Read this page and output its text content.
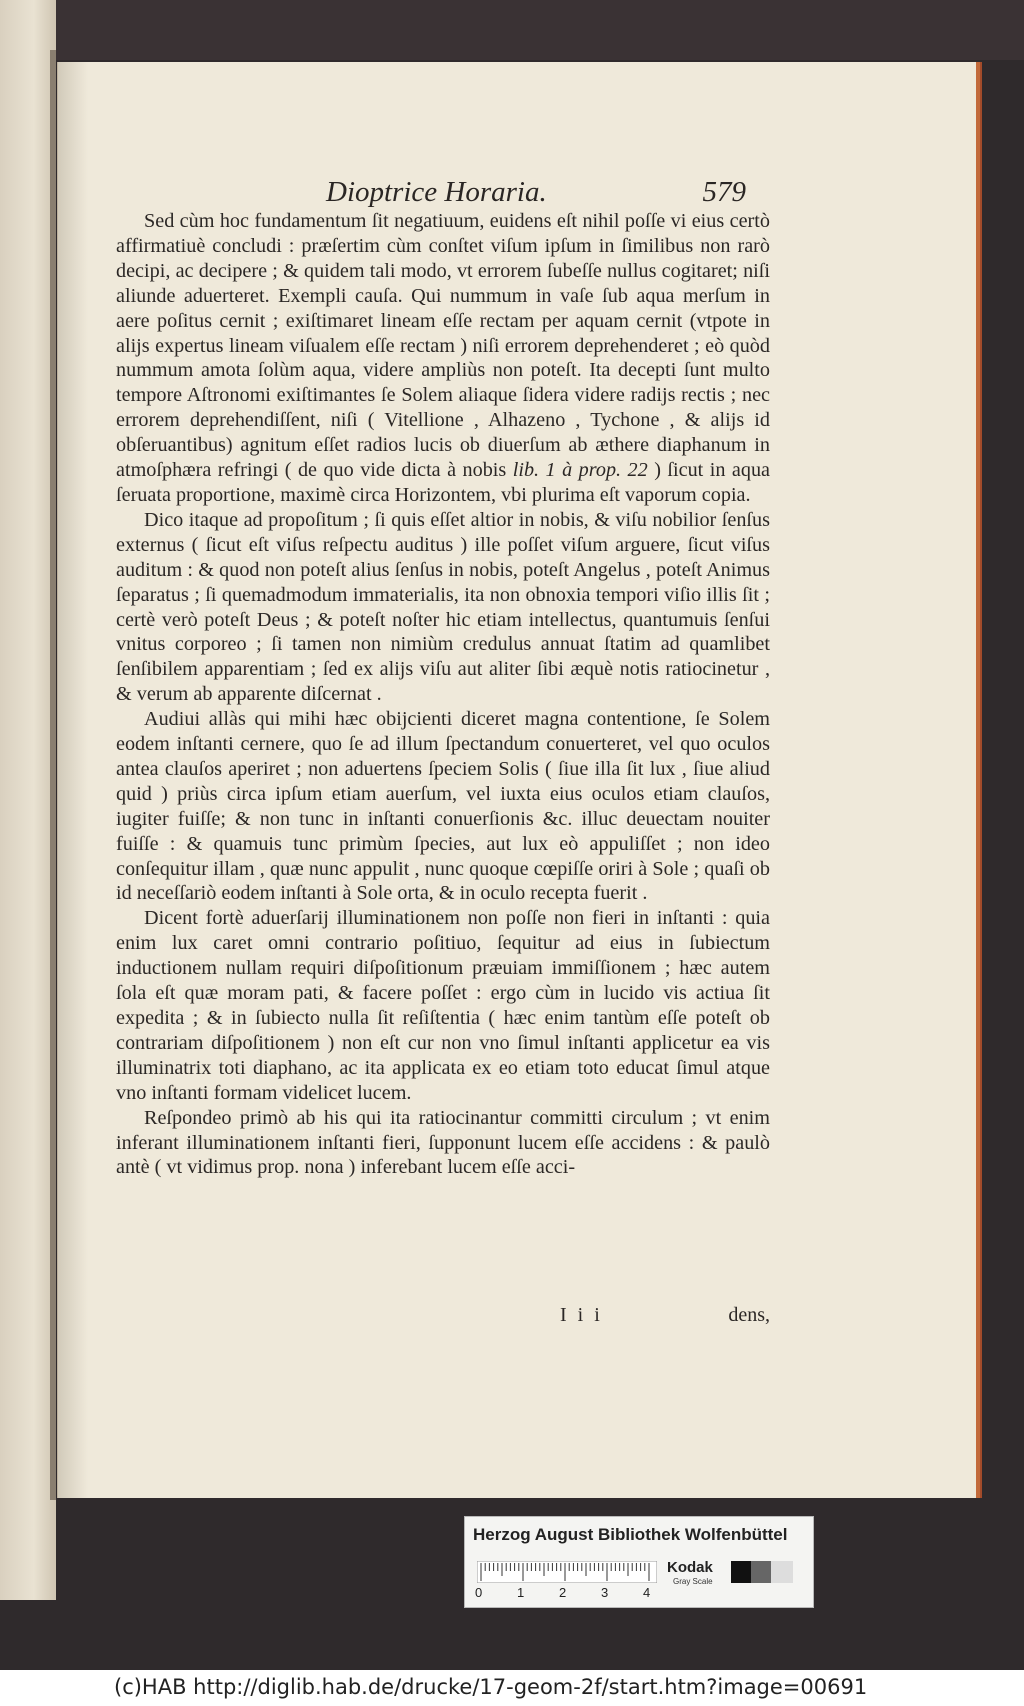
Dioptrice Horaria.	579

Sed cùm hoc fundamentum ſit negatiuum, euidens eſt nihil poſſe vi eius certò affirmatiuè concludi : præſertim cùm conſtet viſum ipſum in ſimilibus non rarò decipi, ac decipere ; & quidem tali modo, vt errorem ſubeſſe nullus cogitaret; niſi aliunde aduerteret. Exempli cauſa. Qui nummum in vaſe ſub aqua merſum in aere poſitus cernit ; exiſtimaret lineam eſſe rectam per aquam cernit (vtpote in alijs expertus lineam viſualem eſſe rectam ) niſi errorem deprehenderet ; eò quòd nummum amota ſolùm aqua, videre ampliùs non poteſt. Ita decepti ſunt multo tempore Aſtronomi exiſtimantes ſe Solem aliaque ſidera videre radijs rectis ; nec errorem deprehendiſſent, niſi ( Vitellione , Alhazeno , Tychone , & alijs id obſeruantibus) agnitum eſſet radios lucis ob diuerſum ab æthere diaphanum in atmoſphæra refringi ( de quo vide dicta à nobis lib. 1 à prop. 22 ) ſicut in aqua ſeruata proportione, maximè circa Horizontem, vbi plurima eſt vaporum copia.

Dico itaque ad propoſitum ; ſi quis eſſet altior in nobis, & viſu nobilior ſenſus externus ( ſicut eſt viſus reſpectu auditus ) ille poſſet viſum arguere, ſicut viſus auditum : & quod non poteſt alius ſenſus in nobis, poteſt Angelus , poteſt Animus ſeparatus ; ſi quemadmodum immaterialis, ita non obnoxia tempori viſio illis ſit ; certè verò poteſt Deus ; & poteſt noſter hic etiam intellectus, quantumuis ſenſui vnitus corporeo ; ſi tamen non nimiùm credulus annuat ſtatim ad quamlibet ſenſibilem apparentiam ; ſed ex alijs viſu aut aliter ſibi æquè notis ratiocinetur , & verum ab apparente diſcernat .

Audiui allàs qui mihi hæc obijcienti diceret magna contentione, ſe Solem eodem inſtanti cernere, quo ſe ad illum ſpectandum conuerteret, vel quo oculos antea clauſos aperiret ; non aduertens ſpeciem Solis ( ſiue illa ſit lux , ſiue aliud quid ) priùs circa ipſum etiam auerſum, vel iuxta eius oculos etiam clauſos, iugiter fuiſſe; & non tunc in inſtanti conuerſionis &c. illuc deuectam nouiter fuiſſe : & quamuis tunc primùm ſpecies, aut lux eò appuliſſet ; non ideo conſequitur illam , quæ nunc appulit , nunc quoque cœpiſſe oriri à Sole ; quaſi ob id neceſſariò eodem inſtanti à Sole orta, & in oculo recepta fuerit .

Dicent fortè aduerſarij illuminationem non poſſe non fieri in inſtanti : quia enim lux caret omni contrario poſitiuo, ſequitur ad eius in ſubiectum inductionem nullam requiri diſpoſitionum præuiam immiſſionem ; hæc autem ſola eſt quæ moram pati, & facere poſſet : ergo cùm in lucido vis actiua ſit expedita ; & in ſubiecto nulla ſit reſiſtentia ( hæc enim tantùm eſſe poteſt ob contrariam diſpoſitionem ) non eſt cur non vno ſimul inſtanti applicetur ea vis illuminatrix toti diaphano, ac ita applicata ex eo etiam toto educat ſimul atque vno inſtanti formam videlicet lucem.

Reſpondeo primò ab his qui ita ratiocinantur committi circulum ; vt enim inferant illuminationem inſtanti fieri, ſupponunt lucem eſſe accidens : & paulò antè ( vt vidimus prop. nona ) inferebant lucem eſſe acci-

I i i	dens,
Herzog August Bibliothek Wolfenbüttel
0	1	2	3	4
Kodak
Gray Scale
(c)HAB http://diglib.hab.de/drucke/17-geom-2f/start.htm?image=00691
